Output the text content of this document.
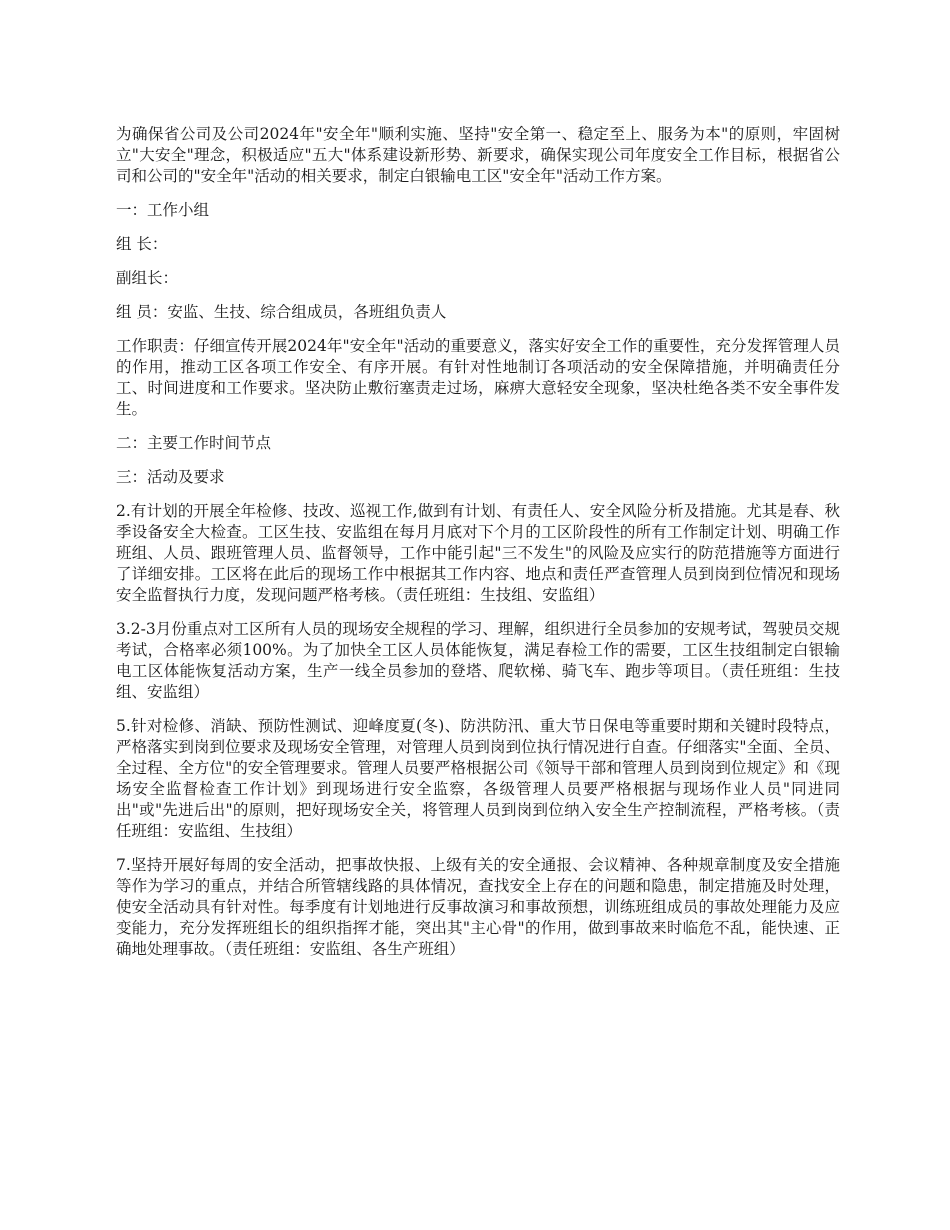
为确保省公司及公司2024年"安全年"顺利实施、坚持"安全第一、稳定至上、服务为本"的原则，牢固树立"大安全"理念，积极适应"五大"体系建设新形势、新要求，确保实现公司年度安全工作目标，根据省公司和公司的"安全年"活动的相关要求，制定白银输电工区"安全年"活动工作方案。

一：工作小组

组 长：

副组长：

组 员：安监、生技、综合组成员，各班组负责人

工作职责：仔细宣传开展2024年"安全年"活动的重要意义，落实好安全工作的重要性，充分发挥管理人员的作用，推动工区各项工作安全、有序开展。有针对性地制订各项活动的安全保障措施，并明确责任分工、时间进度和工作要求。坚决防止敷衍塞责走过场，麻痹大意轻安全现象，坚决杜绝各类不安全事件发生。

二：主要工作时间节点

三：活动及要求

2.有计划的开展全年检修、技改、巡视工作,做到有计划、有责任人、安全风险分析及措施。尤其是春、秋季设备安全大检查。工区生技、安监组在每月月底对下个月的工区阶段性的所有工作制定计划、明确工作班组、人员、跟班管理人员、监督领导，工作中能引起"三不发生"的风险及应实行的防范措施等方面进行了详细安排。工区将在此后的现场工作中根据其工作内容、地点和责任严查管理人员到岗到位情况和现场安全监督执行力度，发现问题严格考核。（责任班组：生技组、安监组）

3.2-3月份重点对工区所有人员的现场安全规程的学习、理解，组织进行全员参加的安规考试，驾驶员交规考试，合格率必须100%。为了加快全工区人员体能恢复，满足春检工作的需要，工区生技组制定白银输电工区体能恢复活动方案，生产一线全员参加的登塔、爬软梯、骑飞车、跑步等项目。（责任班组：生技组、安监组）

5.针对检修、消缺、预防性测试、迎峰度夏(冬)、防洪防汛、重大节日保电等重要时期和关键时段特点，严格落实到岗到位要求及现场安全管理，对管理人员到岗到位执行情况进行自查。仔细落实"全面、全员、全过程、全方位"的安全管理要求。管理人员要严格根据公司《领导干部和管理人员到岗到位规定》和《现场安全监督检查工作计划》到现场进行安全监察，各级管理人员要严格根据与现场作业人员"同进同出"或"先进后出"的原则，把好现场安全关，将管理人员到岗到位纳入安全生产控制流程，严格考核。（责任班组：安监组、生技组）

7.坚持开展好每周的安全活动，把事故快报、上级有关的安全通报、会议精神、各种规章制度及安全措施等作为学习的重点，并结合所管辖线路的具体情况，查找安全上存在的问题和隐患，制定措施及时处理，使安全活动具有针对性。每季度有计划地进行反事故演习和事故预想，训练班组成员的事故处理能力及应变能力，充分发挥班组长的组织指挥才能，突出其"主心骨"的作用，做到事故来时临危不乱，能快速、正确地处理事故。（责任班组：安监组、各生产班组）
